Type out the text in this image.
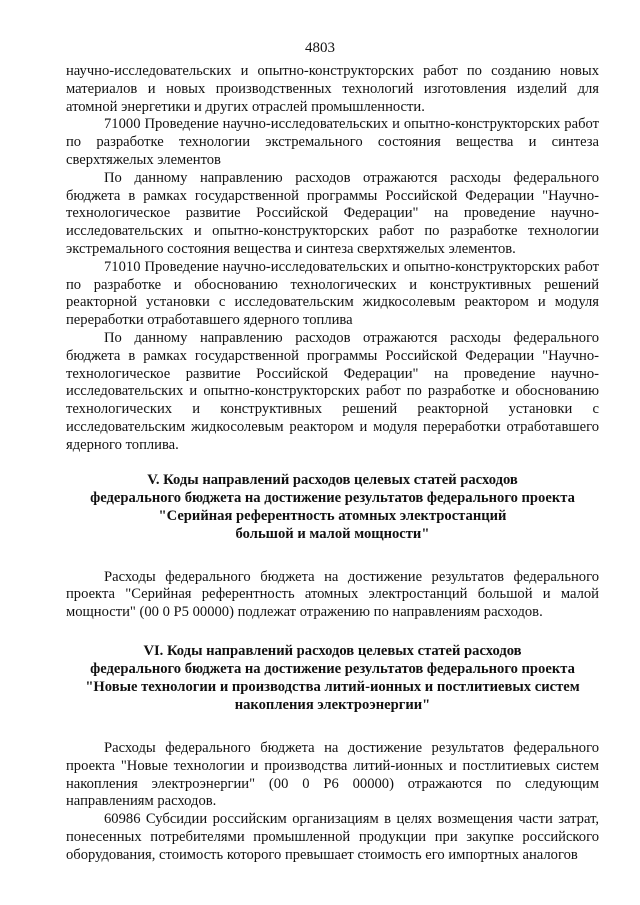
4803

научно-исследовательских и опытно-конструкторских работ по созданию новых материалов и новых производственных технологий изготовления изделий для атомной энергетики и других отраслей промышленности.

71000 Проведение научно-исследовательских и опытно-конструкторских работ по разработке технологии экстремального состояния вещества и синтеза сверхтяжелых элементов

По данному направлению расходов отражаются расходы федерального бюджета в рамках государственной программы Российской Федерации "Научно-технологическое развитие Российской Федерации" на проведение научно-исследовательских и опытно-конструкторских работ по разработке технологии экстремального состояния вещества и синтеза сверхтяжелых элементов.

71010 Проведение научно-исследовательских и опытно-конструкторских работ по разработке и обоснованию технологических и конструктивных решений реакторной установки с исследовательским жидкосолевым реактором и модуля переработки отработавшего ядерного топлива

По данному направлению расходов отражаются расходы федерального бюджета в рамках государственной программы Российской Федерации "Научно-технологическое развитие Российской Федерации" на проведение научно-исследовательских и опытно-конструкторских работ по разработке и обоснованию технологических и конструктивных решений реакторной установки с исследовательским жидкосолевым реактором и модуля переработки отработавшего ядерного топлива.

V. Коды направлений расходов целевых статей расходов
федерального бюджета на достижение результатов федерального проекта
"Серийная референтность атомных электростанций
большой и малой мощности"

Расходы федерального бюджета на достижение результатов федерального проекта "Серийная референтность атомных электростанций большой и малой мощности" (00 0 Р5 00000) подлежат отражению по направлениям расходов.

VI. Коды направлений расходов целевых статей расходов
федерального бюджета на достижение результатов федерального проекта
"Новые технологии и производства литий-ионных и постлитиевых систем
накопления электроэнергии"

Расходы федерального бюджета на достижение результатов федерального проекта "Новые технологии и производства литий-ионных и постлитиевых систем накопления электроэнергии" (00 0 Р6 00000) отражаются по следующим направлениям расходов.

60986 Субсидии российским организациям в целях возмещения части затрат, понесенных потребителями промышленной продукции при закупке российского оборудования, стоимость которого превышает стоимость его импортных аналогов
